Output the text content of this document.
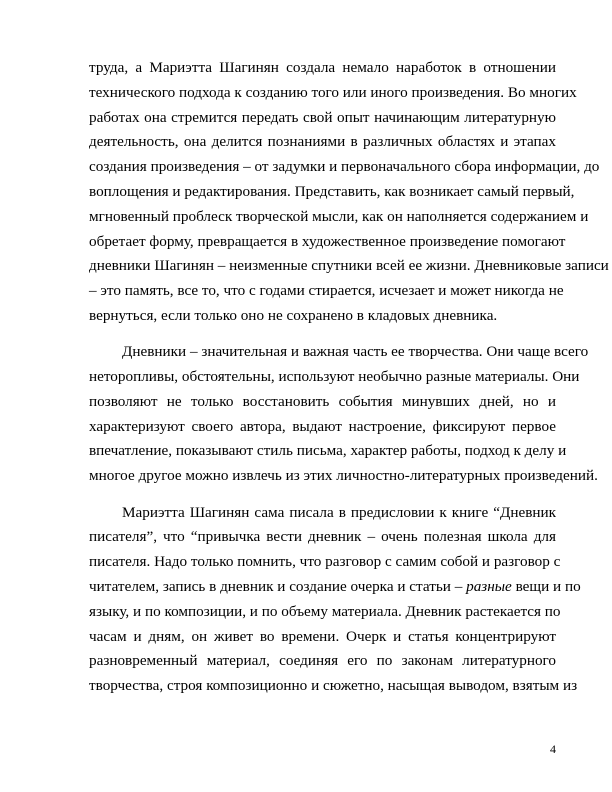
труда, а Мариэтта Шагинян создала немало наработок в отношении
технического подхода к созданию того или иного произведения. Во многих
работах она стремится передать свой опыт начинающим литературную
деятельность, она делится познаниями в различных областях и этапах
создания произведения – от задумки и первоначального сбора информации, до
воплощения и редактирования. Представить, как возникает самый первый,
мгновенный проблеск творческой мысли, как он наполняется содержанием и
обретает форму, превращается в художественное произведение помогают
дневники Шагинян – неизменные спутники всей ее жизни. Дневниковые записи
– это память, все то, что с годами стирается, исчезает и может никогда не
вернуться, если только оно не сохранено в кладовых дневника.

Дневники – значительная и важная часть ее творчества. Они чаще всего
неторопливы, обстоятельны, используют необычно разные материалы. Они
позволяют не только восстановить события минувших дней, но и
характеризуют своего автора, выдают настроение, фиксируют первое
впечатление, показывают стиль письма, характер работы, подход к делу и
многое другое можно извлечь из этих личностно-литературных произведений.

Мариэтта Шагинян сама писала в предисловии к книге “Дневник
писателя”, что “привычка вести дневник – очень полезная школа для
писателя. Надо только помнить, что разговор с самим собой и разговор с
читателем, запись в дневник и создание очерка и статьи – разные вещи и по
языку, и по композиции, и по объему материала. Дневник растекается по
часам и дням, он живет во времени. Очерк и статья концентрируют
разновременный материал, соединяя его по законам литературного
творчества, строя композиционно и сюжетно, насыщая выводом, взятым из

4
